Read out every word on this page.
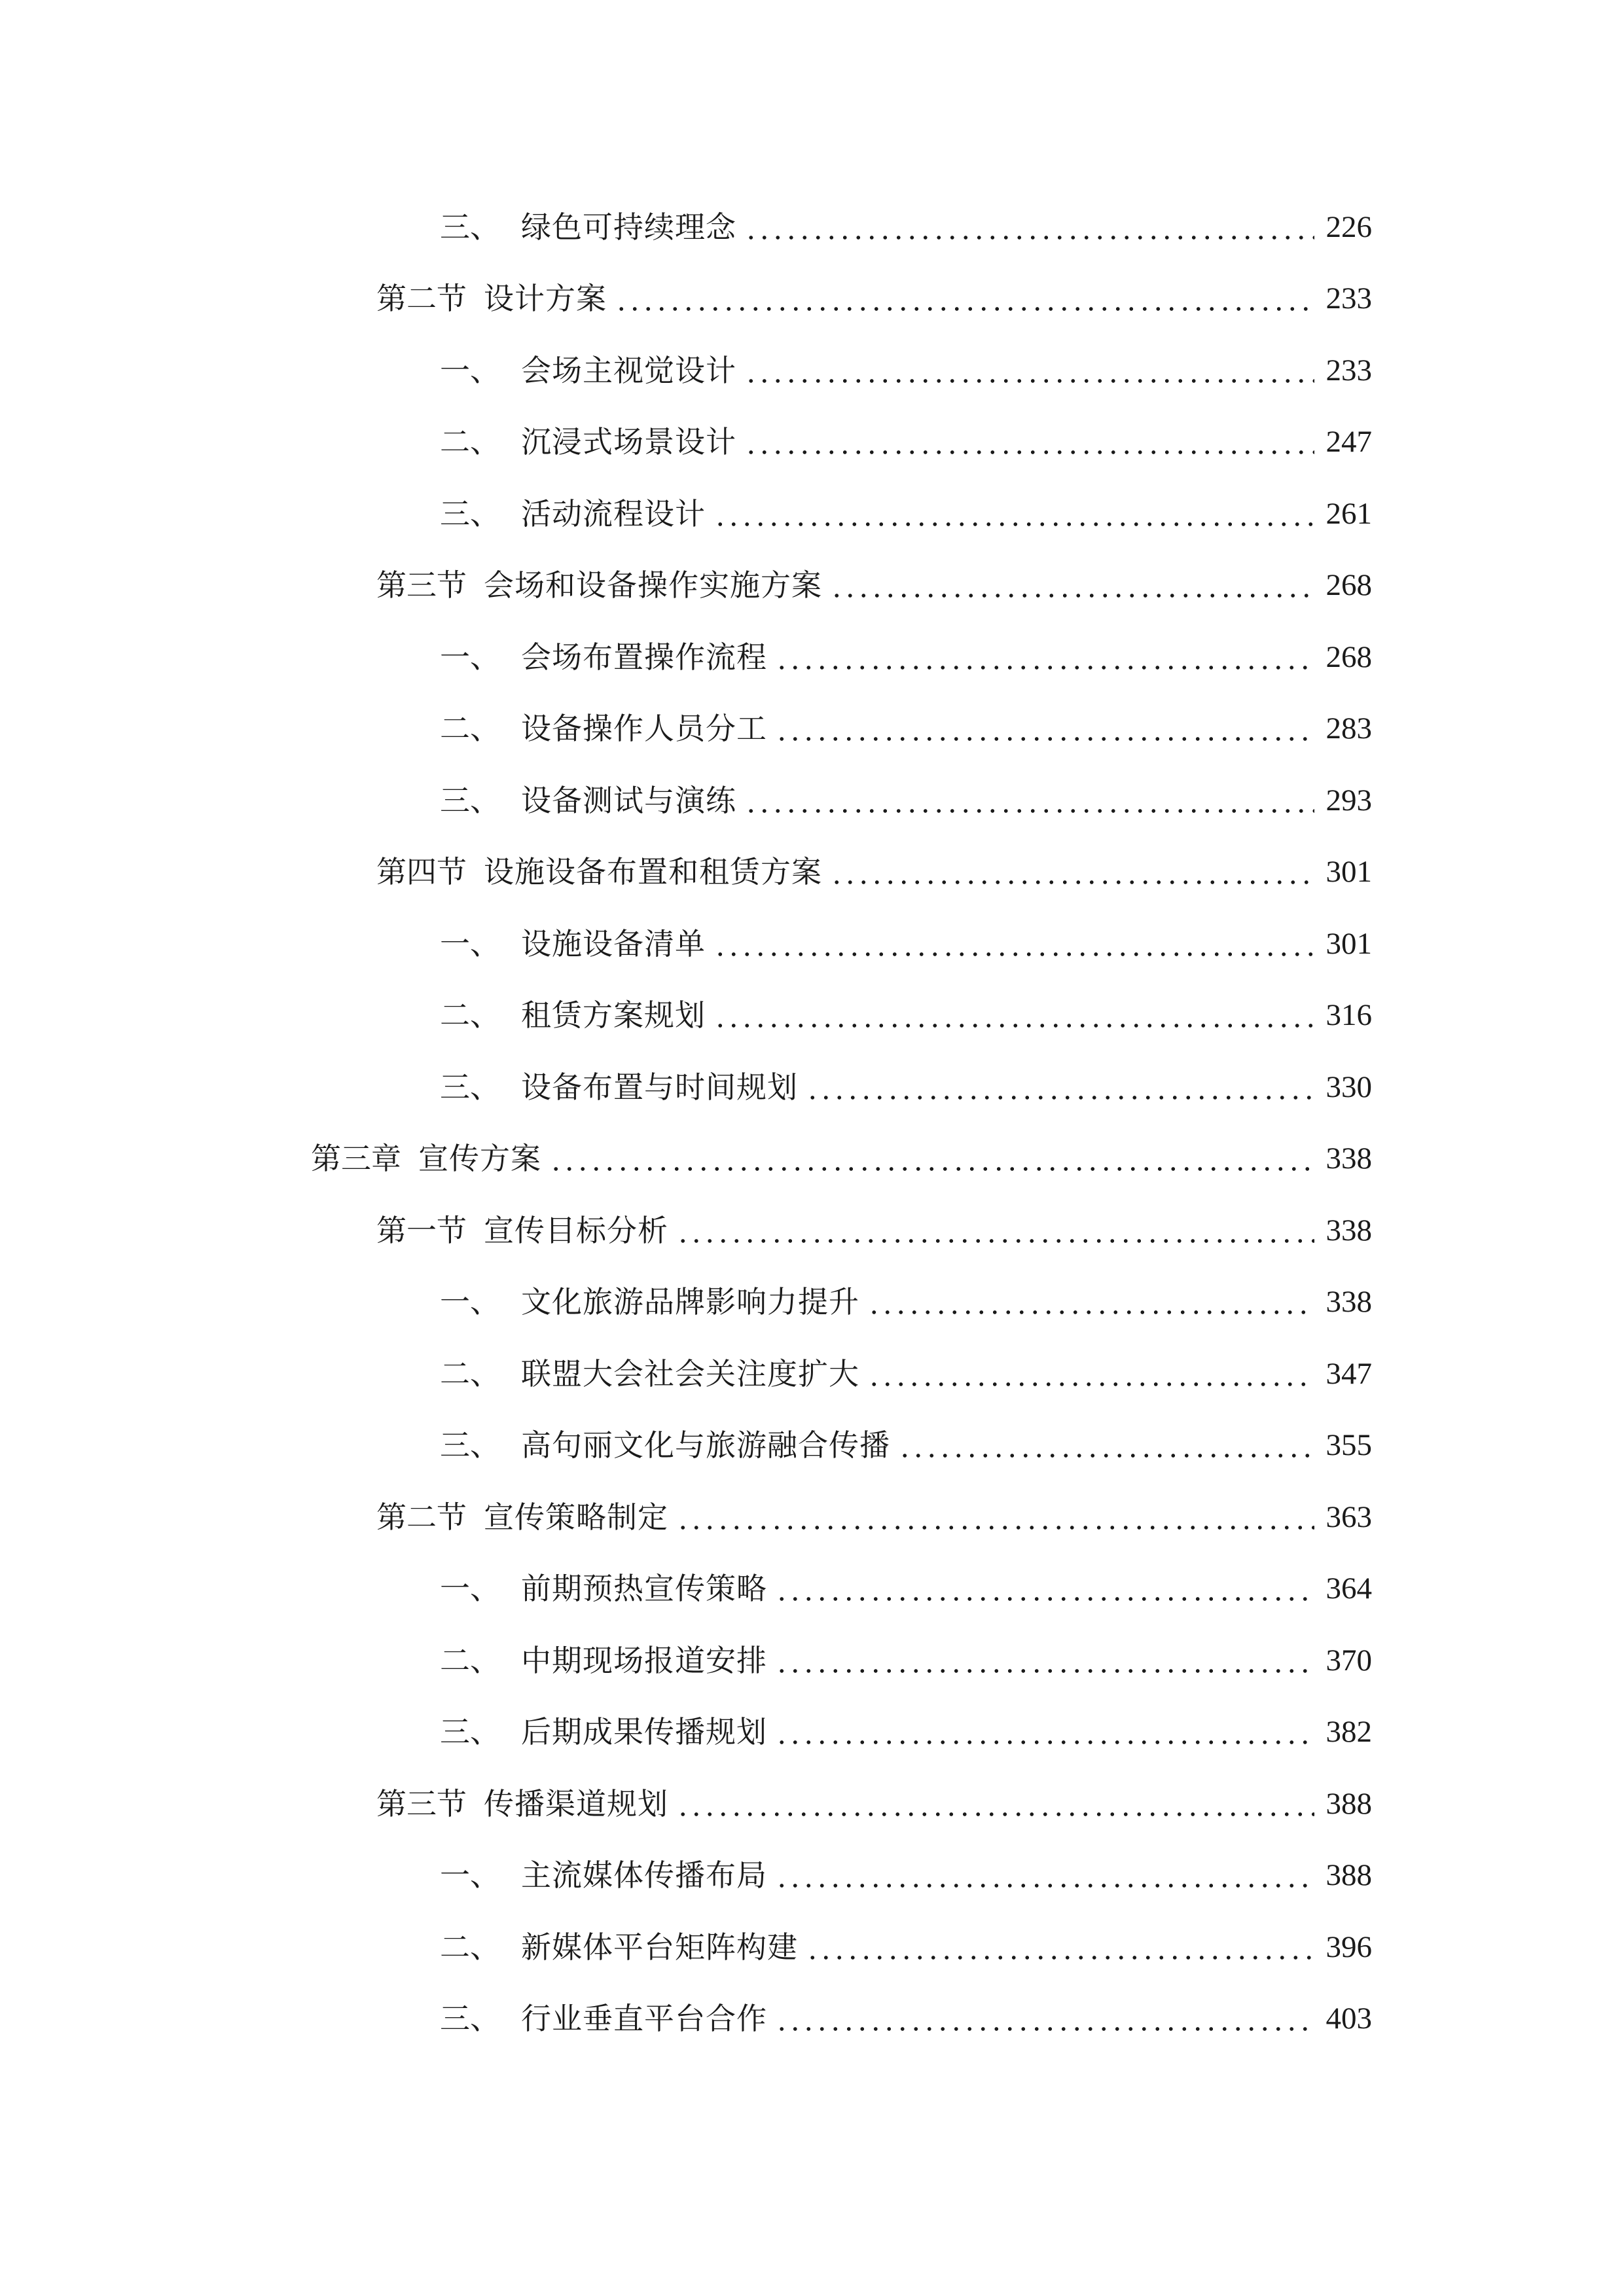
三、 绿色可持续理念	226
第二节 设计方案	233
一、 会场主视觉设计	233
二、 沉浸式场景设计	247
三、 活动流程设计	261
第三节 会场和设备操作实施方案	268
一、 会场布置操作流程	268
二、 设备操作人员分工	283
三、 设备测试与演练	293
第四节 设施设备布置和租赁方案	301
一、 设施设备清单	301
二、 租赁方案规划	316
三、 设备布置与时间规划	330
第三章 宣传方案	338
第一节 宣传目标分析	338
一、 文化旅游品牌影响力提升	338
二、 联盟大会社会关注度扩大	347
三、 高句丽文化与旅游融合传播	355
第二节 宣传策略制定	363
一、 前期预热宣传策略	364
二、 中期现场报道安排	370
三、 后期成果传播规划	382
第三节 传播渠道规划	388
一、 主流媒体传播布局	388
二、 新媒体平台矩阵构建	396
三、 行业垂直平台合作	403
